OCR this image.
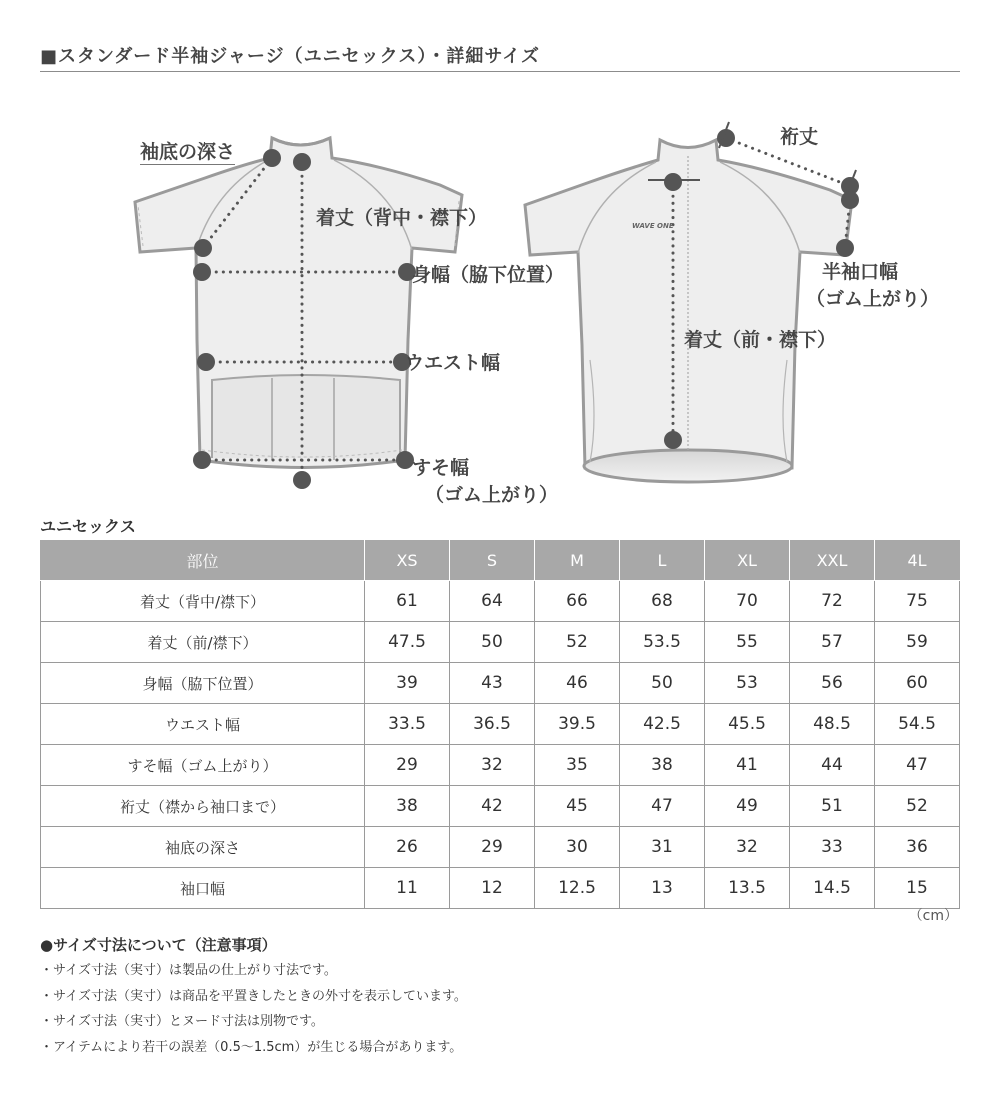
■スタンダード半袖ジャージ（ユニセックス）・詳細サイズ
袖底の深さ
着丈（背中・襟下）
身幅（脇下位置）
ウエスト幅
すそ幅
（ゴム上がり）
裄丈
半袖口幅
（ゴム上がり）
着丈（前・襟下）
WAVE ONE
ユニセックス
部位	XS	S	M	L	XL	XXL	4L
着丈（背中/襟下）	61	64	66	68	70	72	75
着丈（前/襟下）	47.5	50	52	53.5	55	57	59
身幅（脇下位置）	39	43	46	50	53	56	60
ウエスト幅	33.5	36.5	39.5	42.5	45.5	48.5	54.5
すそ幅（ゴム上がり）	29	32	35	38	41	44	47
裄丈（襟から袖口まで）	38	42	45	47	49	51	52
袖底の深さ	26	29	30	31	32	33	36
袖口幅	11	12	12.5	13	13.5	14.5	15
（cm）
●サイズ寸法について（注意事項）
・サイズ寸法（実寸）は製品の仕上がり寸法です。
・サイズ寸法（実寸）は商品を平置きしたときの外寸を表示しています。
・サイズ寸法（実寸）とヌード寸法は別物です。
・アイテムにより若干の誤差（0.5～1.5cm）が生じる場合があります。
